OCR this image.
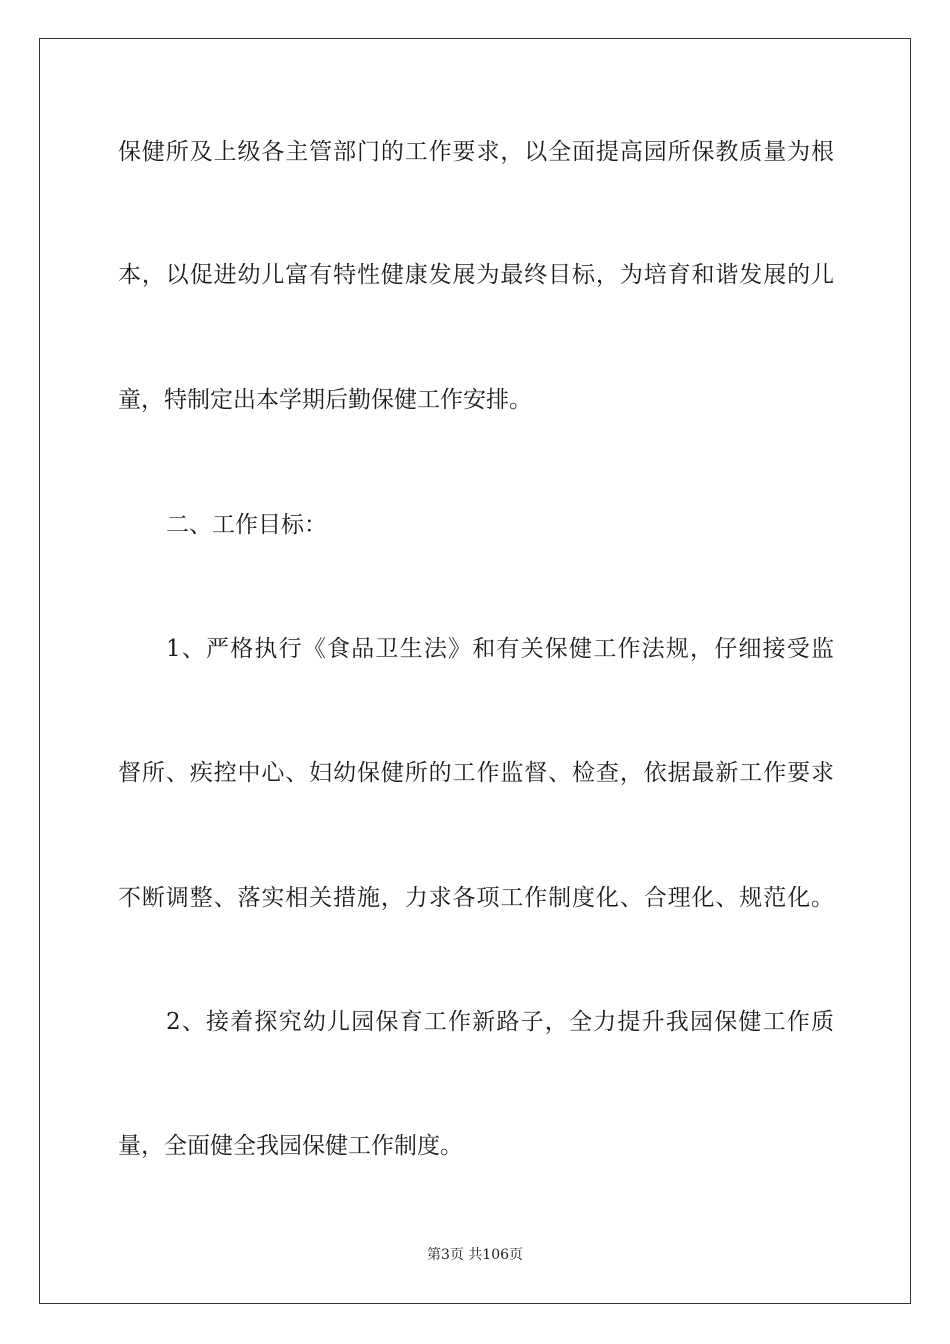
保健所及上级各主管部门的工作要求，以全面提高园所保教质量为根
本，以促进幼儿富有特性健康发展为最终目标，为培育和谐发展的儿
童，特制定出本学期后勤保健工作安排。
二、工作目标：
1、严格执行《食品卫生法》和有关保健工作法规，仔细接受监
督所、疾控中心、妇幼保健所的工作监督、检查，依据最新工作要求
不断调整、落实相关措施，力求各项工作制度化、合理化、规范化。
2、接着探究幼儿园保育工作新路子，全力提升我园保健工作质
量，全面健全我园保健工作制度。
第3页 共106页
